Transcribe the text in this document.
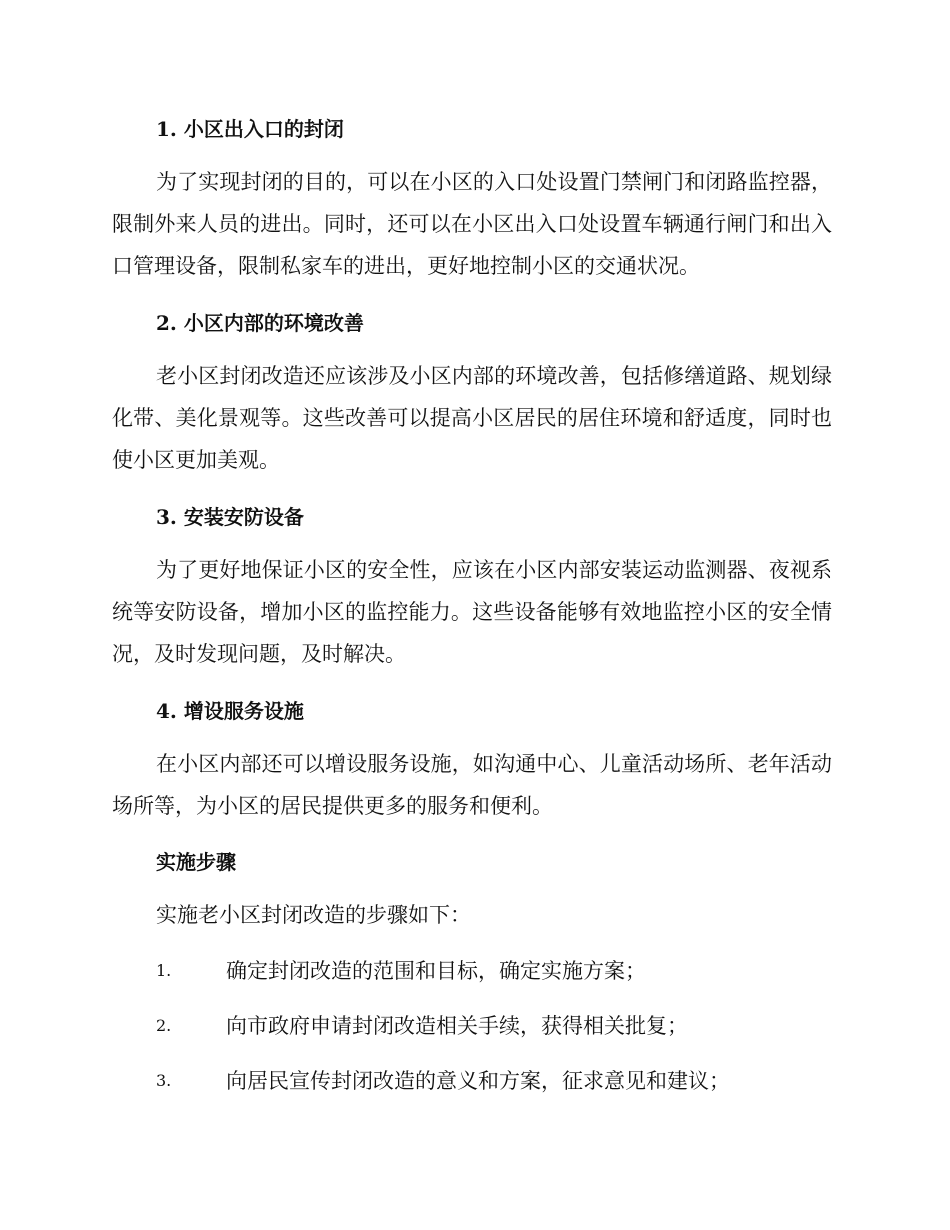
1. 小区出入口的封闭
为了实现封闭的目的，可以在小区的入口处设置门禁闸门和闭路监控器，限制外来人员的进出。同时，还可以在小区出入口处设置车辆通行闸门和出入口管理设备，限制私家车的进出，更好地控制小区的交通状况。
2. 小区内部的环境改善
老小区封闭改造还应该涉及小区内部的环境改善，包括修缮道路、规划绿化带、美化景观等。这些改善可以提高小区居民的居住环境和舒适度，同时也使小区更加美观。
3. 安装安防设备
为了更好地保证小区的安全性，应该在小区内部安装运动监测器、夜视系统等安防设备，增加小区的监控能力。这些设备能够有效地监控小区的安全情况，及时发现问题，及时解决。
4. 增设服务设施
在小区内部还可以增设服务设施，如沟通中心、儿童活动场所、老年活动场所等，为小区的居民提供更多的服务和便利。
实施步骤
实施老小区封闭改造的步骤如下：
1.	确定封闭改造的范围和目标，确定实施方案；
2.	向市政府申请封闭改造相关手续，获得相关批复；
3.	向居民宣传封闭改造的意义和方案，征求意见和建议；
